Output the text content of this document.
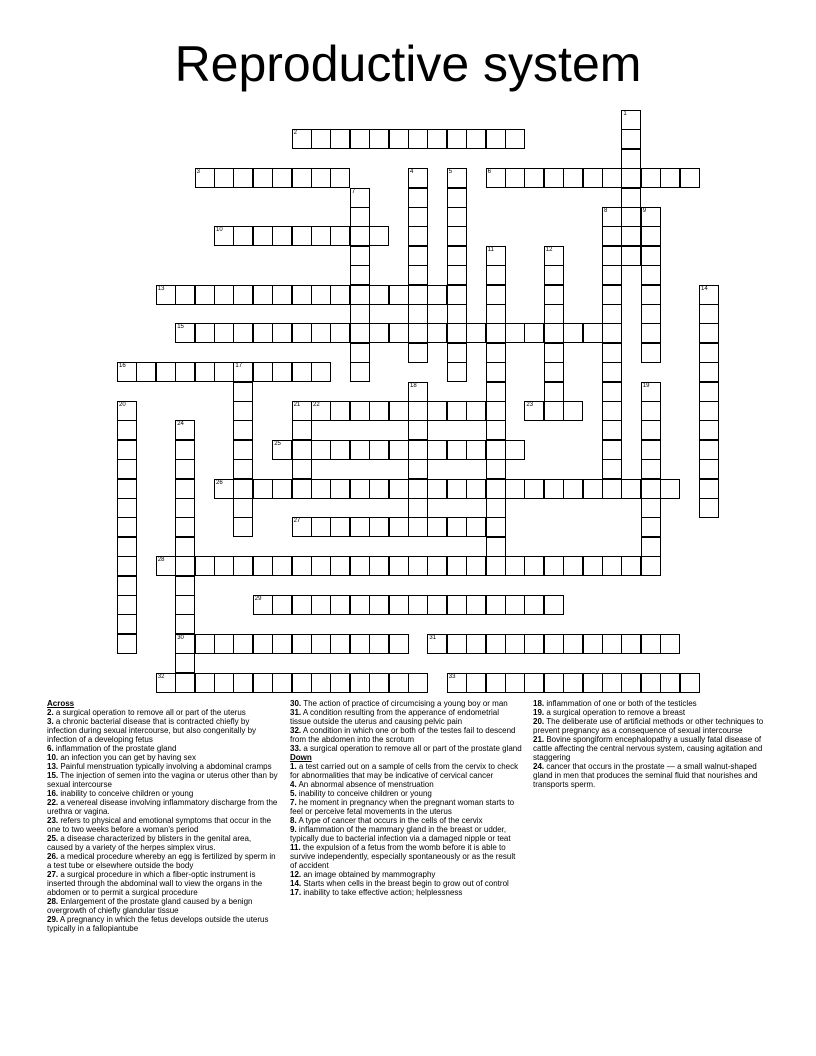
Reproductive system
1
2
3	4	5	6
7
8	9
10
11	12
13	14
15
16	17
18	19
20	21 22	23
24
30
25
26
27
28
29
31
32	33
Across
2. a surgical operation to remove all or part of the uterus
3. a chronic bacterial disease that is contracted chiefly by infection during sexual intercourse, but also congenitally by infection of a developing fetus
6. inflammation of the prostate gland
10. an infection you can get by having sex
13. Painful menstruation typically involving a abdominal cramps
15. The injection of semen into the vagina or uterus other than by sexual intercourse
16. inability to conceive children or young
22. a venereal disease involving inflammatory discharge from the urethra or vagina.
23. refers to physical and emotional symptoms that occur in the one to two weeks before a woman's period
25. a disease characterized by blisters in the genital area, caused by a variety of the herpes simplex virus.
26. a medical procedure whereby an egg is fertilized by sperm in a test tube or elsewhere outside the body
27. a surgical procedure in which a fiber-optic instrument is inserted through the abdominal wall to view the organs in the abdomen or to permit a surgical procedure
28. Enlargement of the prostate gland caused by a benign overgrowth of chiefly glandular tissue
29. A pregnancy in which the fetus develops outside the uterus typically in a fallopiantube
30. The action of practice of circumcising a young boy or man
31. A condition resulting from the apperance of endometrial tissue outside the uterus and causing pelvic pain
32. A condition in which one or both of the testes fail to descend from the abdomen into the scrotum
33. a surgical operation to remove all or part of the prostate gland
Down
1. a test carried out on a sample of cells from the cervix to check for abnormalities that may be indicative of cervical cancer
4. An abnormal absence of menstruation
5. inability to conceive children or young
7. he moment in pregnancy when the pregnant woman starts to feel or perceive fetal movements in the uterus
8. A type of cancer that occurs in the cells of the cervix
9. inflammation of the mammary gland in the breast or udder, typically due to bacterial infection via a damaged nipple or teat
11. the expulsion of a fetus from the womb before it is able to survive independently, especially spontaneously or as the result of accident
12. an image obtained by mammography
14. Starts when cells in the breast begin to grow out of control
17. inability to take effective action; helplessness
18. inflammation of one or both of the testicles
19. a surgical operation to remove a breast
20. The deliberate use of artificial methods or other techniques to prevent pregnancy as a consequence of sexual intercourse
21. Bovine spongiform encephalopathy a usually fatal disease of cattle affecting the central nervous system, causing agitation and staggering
24. cancer that occurs in the prostate — a small walnut-shaped gland in men that produces the seminal fluid that nourishes and transports sperm.
